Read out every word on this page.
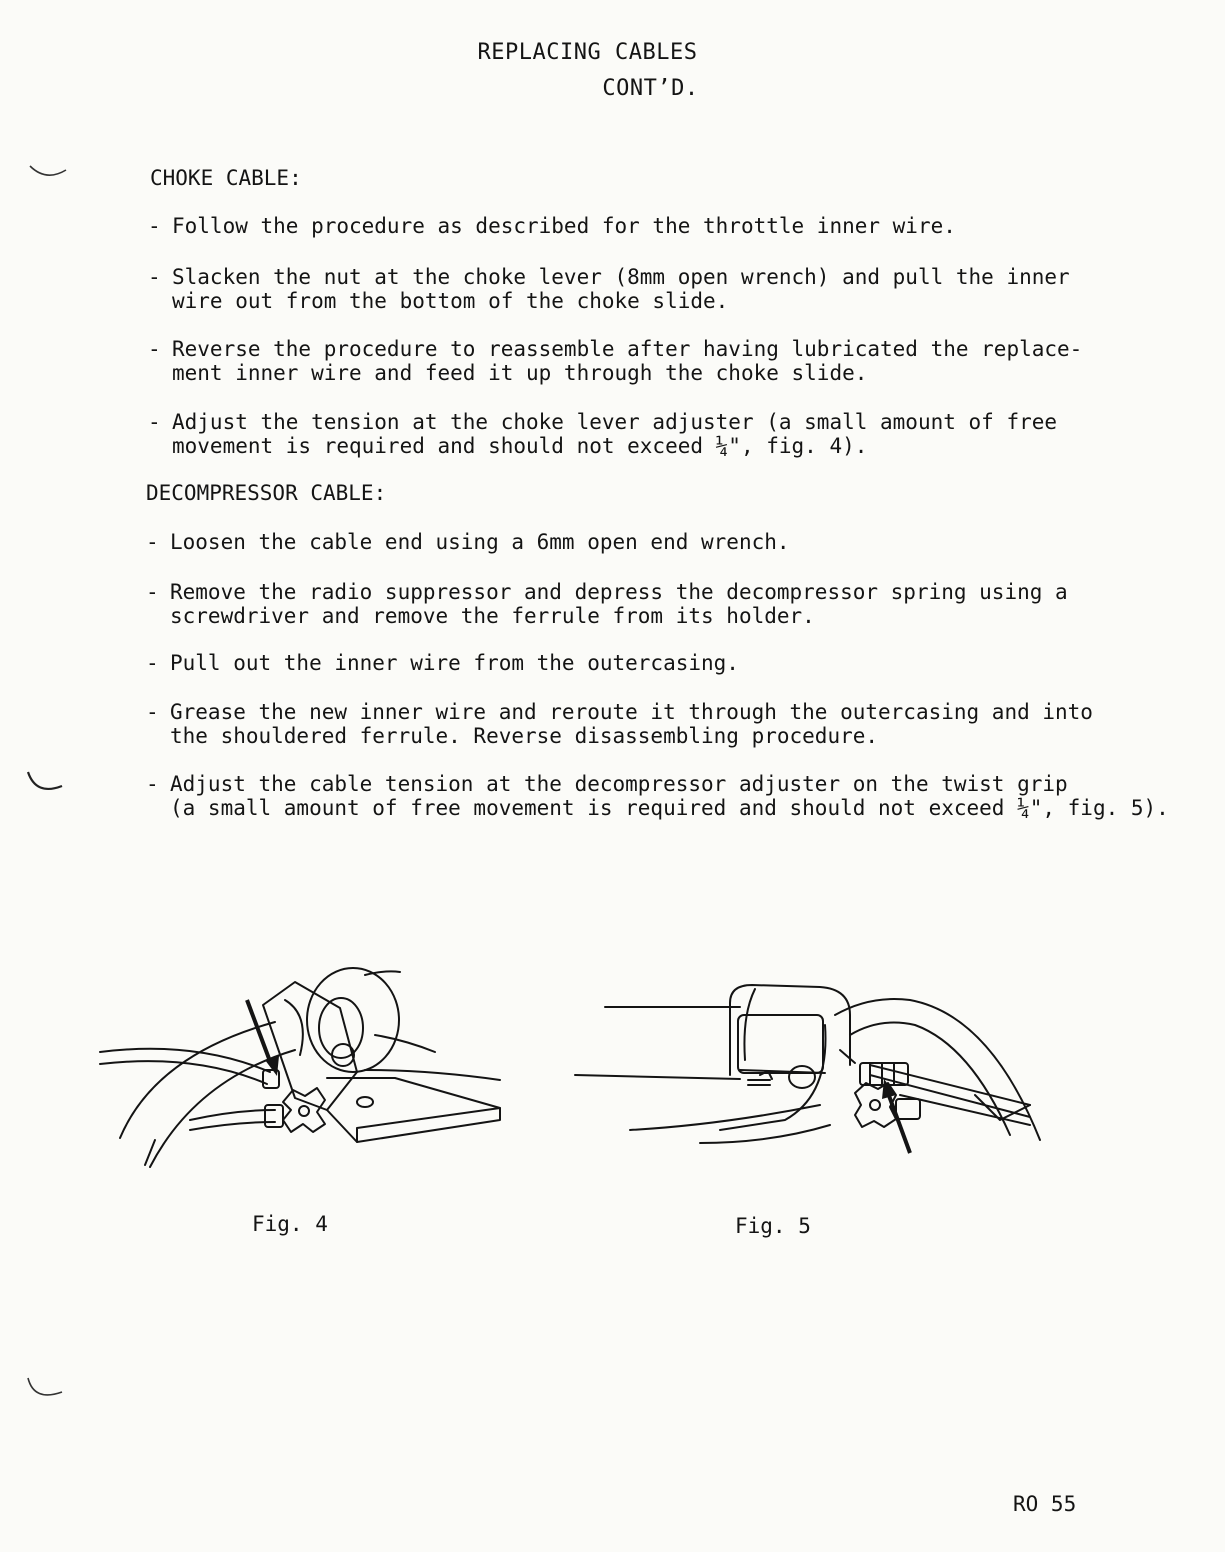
REPLACING CABLES
CONT’D.
CHOKE CABLE:
- Follow the procedure as described for the throttle inner wire.
- Slacken the nut at the choke lever (8mm open wrench) and pull the inner
wire out from the bottom of the choke slide.
- Reverse the procedure to reassemble after having lubricated the replace-
ment inner wire and feed it up through the choke slide.
- Adjust the tension at the choke lever adjuster (a small amount of free
movement is required and should not exceed ¼", fig. 4).
DECOMPRESSOR CABLE:
- Loosen the cable end using a 6mm open end wrench.
- Remove the radio suppressor and depress the decompressor spring using a
screwdriver and remove the ferrule from its holder.
- Pull out the inner wire from the outercasing.
- Grease the new inner wire and reroute it through the outercasing and into
the shouldered ferrule. Reverse disassembling procedure.
- Adjust the cable tension at the decompressor adjuster on the twist grip
(a small amount of free movement is required and should not exceed ¼", fig. 5).
Fig. 4	Fig. 5
RO 55
